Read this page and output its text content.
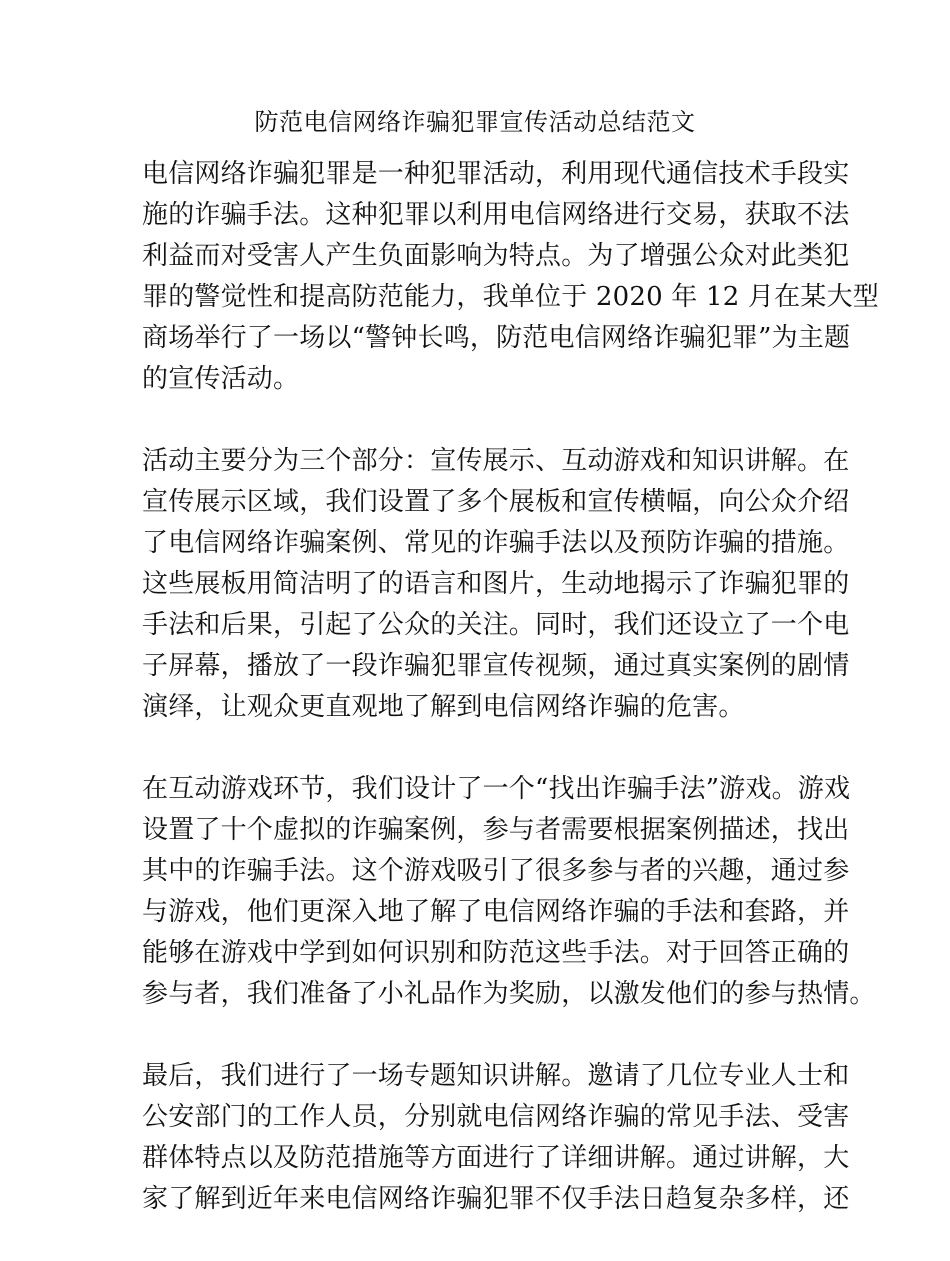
防范电信网络诈骗犯罪宣传活动总结范文

电信网络诈骗犯罪是一种犯罪活动，利用现代通信技术手段实
施的诈骗手法。这种犯罪以利用电信网络进行交易，获取不法
利益而对受害人产生负面影响为特点。为了增强公众对此类犯
罪的警觉性和提高防范能力，我单位于 2020 年 12 月在某大型
商场举行了一场以“警钟长鸣，防范电信网络诈骗犯罪”为主题
的宣传活动。

活动主要分为三个部分：宣传展示、互动游戏和知识讲解。在
宣传展示区域，我们设置了多个展板和宣传横幅，向公众介绍
了电信网络诈骗案例、常见的诈骗手法以及预防诈骗的措施。
这些展板用简洁明了的语言和图片，生动地揭示了诈骗犯罪的
手法和后果，引起了公众的关注。同时，我们还设立了一个电
子屏幕，播放了一段诈骗犯罪宣传视频，通过真实案例的剧情
演绎，让观众更直观地了解到电信网络诈骗的危害。

在互动游戏环节，我们设计了一个“找出诈骗手法”游戏。游戏
设置了十个虚拟的诈骗案例，参与者需要根据案例描述，找出
其中的诈骗手法。这个游戏吸引了很多参与者的兴趣，通过参
与游戏，他们更深入地了解了电信网络诈骗的手法和套路，并
能够在游戏中学到如何识别和防范这些手法。对于回答正确的
参与者，我们准备了小礼品作为奖励，以激发他们的参与热情。

最后，我们进行了一场专题知识讲解。邀请了几位专业人士和
公安部门的工作人员，分别就电信网络诈骗的常见手法、受害
群体特点以及防范措施等方面进行了详细讲解。通过讲解，大
家了解到近年来电信网络诈骗犯罪不仅手法日趋复杂多样，还
